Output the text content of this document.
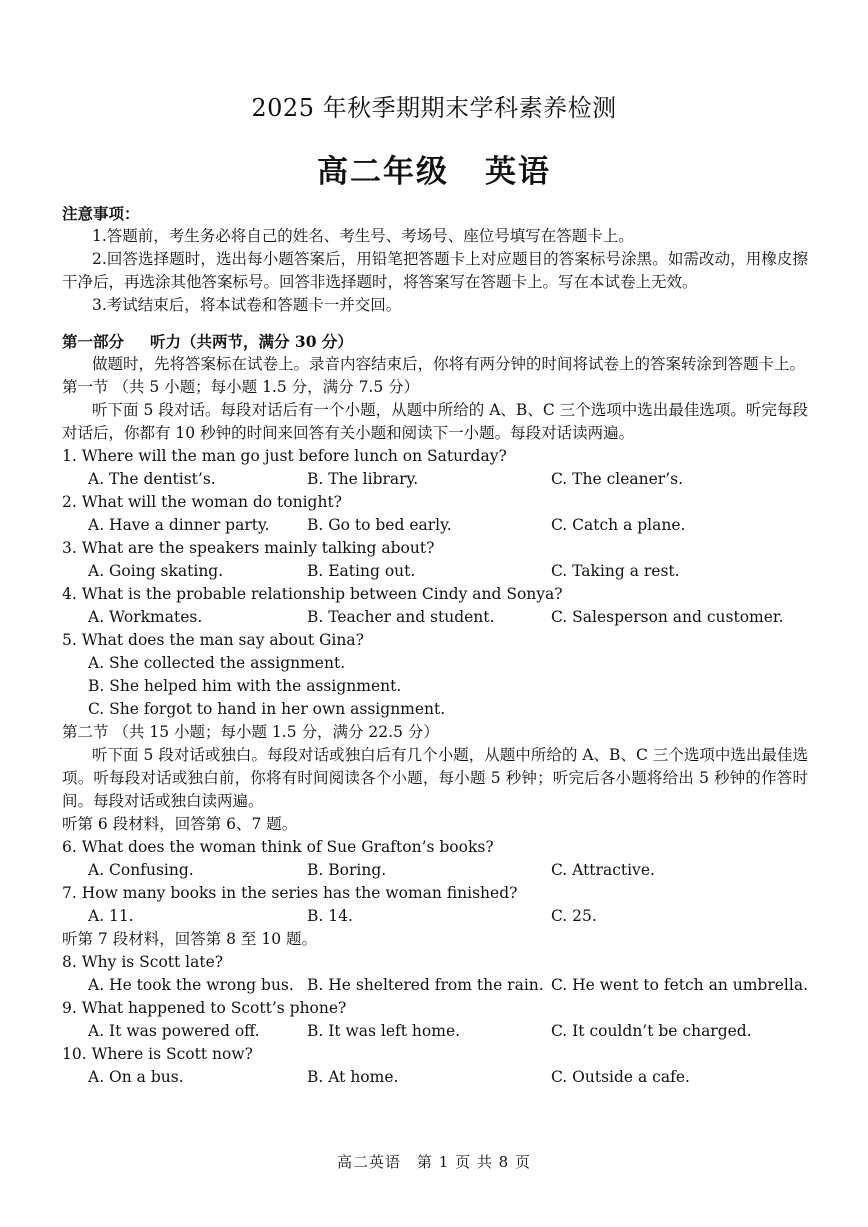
2025 年秋季期期末学科素养检测
高二年级 英语
注意事项：
1.答题前，考生务必将自己的姓名、考生号、考场号、座位号填写在答题卡上。
2.回答选择题时，选出每小题答案后，用铅笔把答题卡上对应题目的答案标号涂黑。如需改动，用橡皮擦干净后，再选涂其他答案标号。回答非选择题时，将答案写在答题卡上。写在本试卷上无效。
3.考试结束后，将本试卷和答题卡一并交回。
第一部分 听力（共两节，满分 30 分）
做题时，先将答案标在试卷上。录音内容结束后，你将有两分钟的时间将试卷上的答案转涂到答题卡上。
第一节 （共 5 小题；每小题 1.5 分，满分 7.5 分）
听下面 5 段对话。每段对话后有一个小题，从题中所给的 A、B、C 三个选项中选出最佳选项。听完每段对话后，你都有 10 秒钟的时间来回答有关小题和阅读下一小题。每段对话读两遍。
1. Where will the man go just before lunch on Saturday?
A. The dentist’s.	B. The library.	C. The cleaner’s.
2. What will the woman do tonight?
A. Have a dinner party.	B. Go to bed early.	C. Catch a plane.
3. What are the speakers mainly talking about?
A. Going skating.	B. Eating out.	C. Taking a rest.
4. What is the probable relationship between Cindy and Sonya?
A. Workmates.	B. Teacher and student.	C. Salesperson and customer.
5. What does the man say about Gina?
A. She collected the assignment.
B. She helped him with the assignment.
C. She forgot to hand in her own assignment.
第二节 （共 15 小题；每小题 1.5 分，满分 22.5 分）
听下面 5 段对话或独白。每段对话或独白后有几个小题，从题中所给的 A、B、C 三个选项中选出最佳选项。听每段对话或独白前，你将有时间阅读各个小题，每小题 5 秒钟；听完后各小题将给出 5 秒钟的作答时间。每段对话或独白读两遍。
听第 6 段材料，回答第 6、7 题。
6. What does the woman think of Sue Grafton’s books?
A. Confusing.	B. Boring.	C. Attractive.
7. How many books in the series has the woman finished?
A. 11.	B. 14.	C. 25.
听第 7 段材料，回答第 8 至 10 题。
8. Why is Scott late?
A. He took the wrong bus. B. He sheltered from the rain. C. He went to fetch an umbrella.
9. What happened to Scott’s phone?
A. It was powered off.	B. It was left home.	C. It couldn’t be charged.
10. Where is Scott now?
A. On a bus.	B. At home.	C. Outside a cafe.
高二英语　第 1 页 共 8 页
